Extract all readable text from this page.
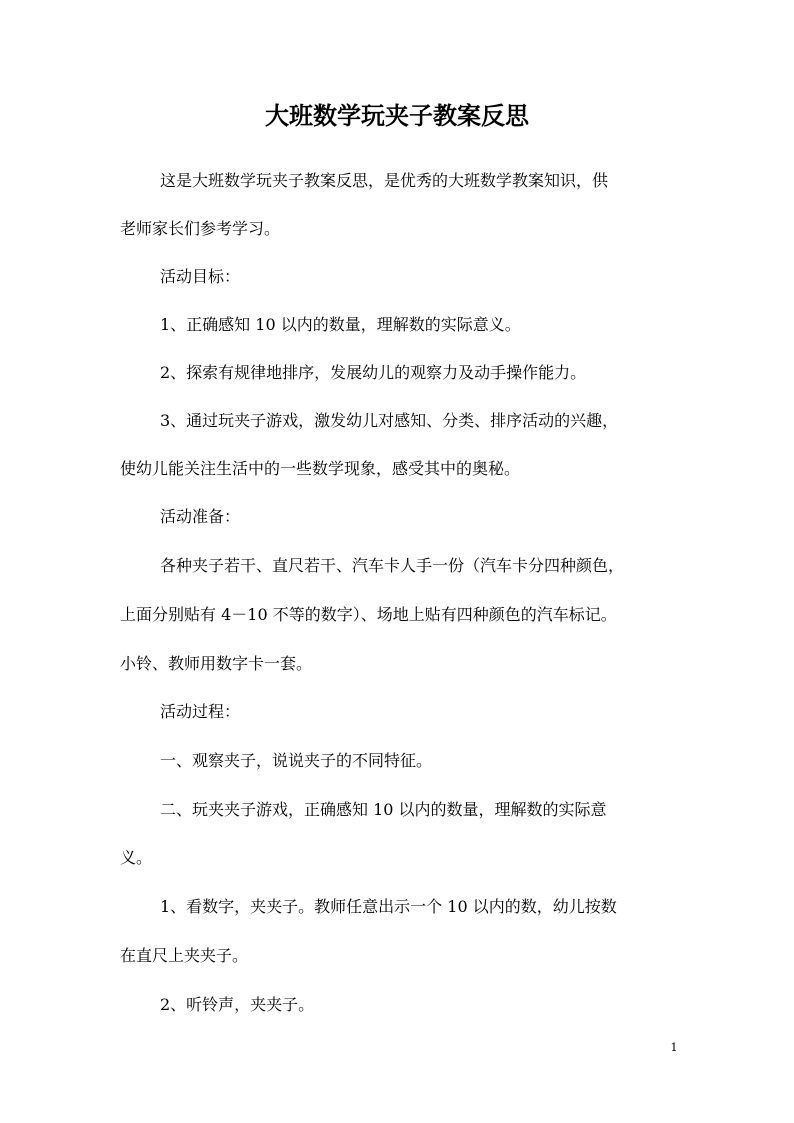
大班数学玩夹子教案反思
这是大班数学玩夹子教案反思，是优秀的大班数学教案知识，供
老师家长们参考学习。
活动目标：
1、正确感知 10 以内的数量，理解数的实际意义。
2、探索有规律地排序，发展幼儿的观察力及动手操作能力。
3、通过玩夹子游戏，激发幼儿对感知、分类、排序活动的兴趣，
使幼儿能关注生活中的一些数学现象，感受其中的奥秘。
活动准备：
各种夹子若干、直尺若干、汽车卡人手一份（汽车卡分四种颜色，
上面分别贴有 4－10 不等的数字）、场地上贴有四种颜色的汽车标记。
小铃、教师用数字卡一套。
活动过程：
一、观察夹子，说说夹子的不同特征。
二、玩夹夹子游戏，正确感知 10 以内的数量，理解数的实际意
义。
1、看数字，夹夹子。教师任意出示一个 10 以内的数，幼儿按数
在直尺上夹夹子。
2、听铃声，夹夹子。
1
